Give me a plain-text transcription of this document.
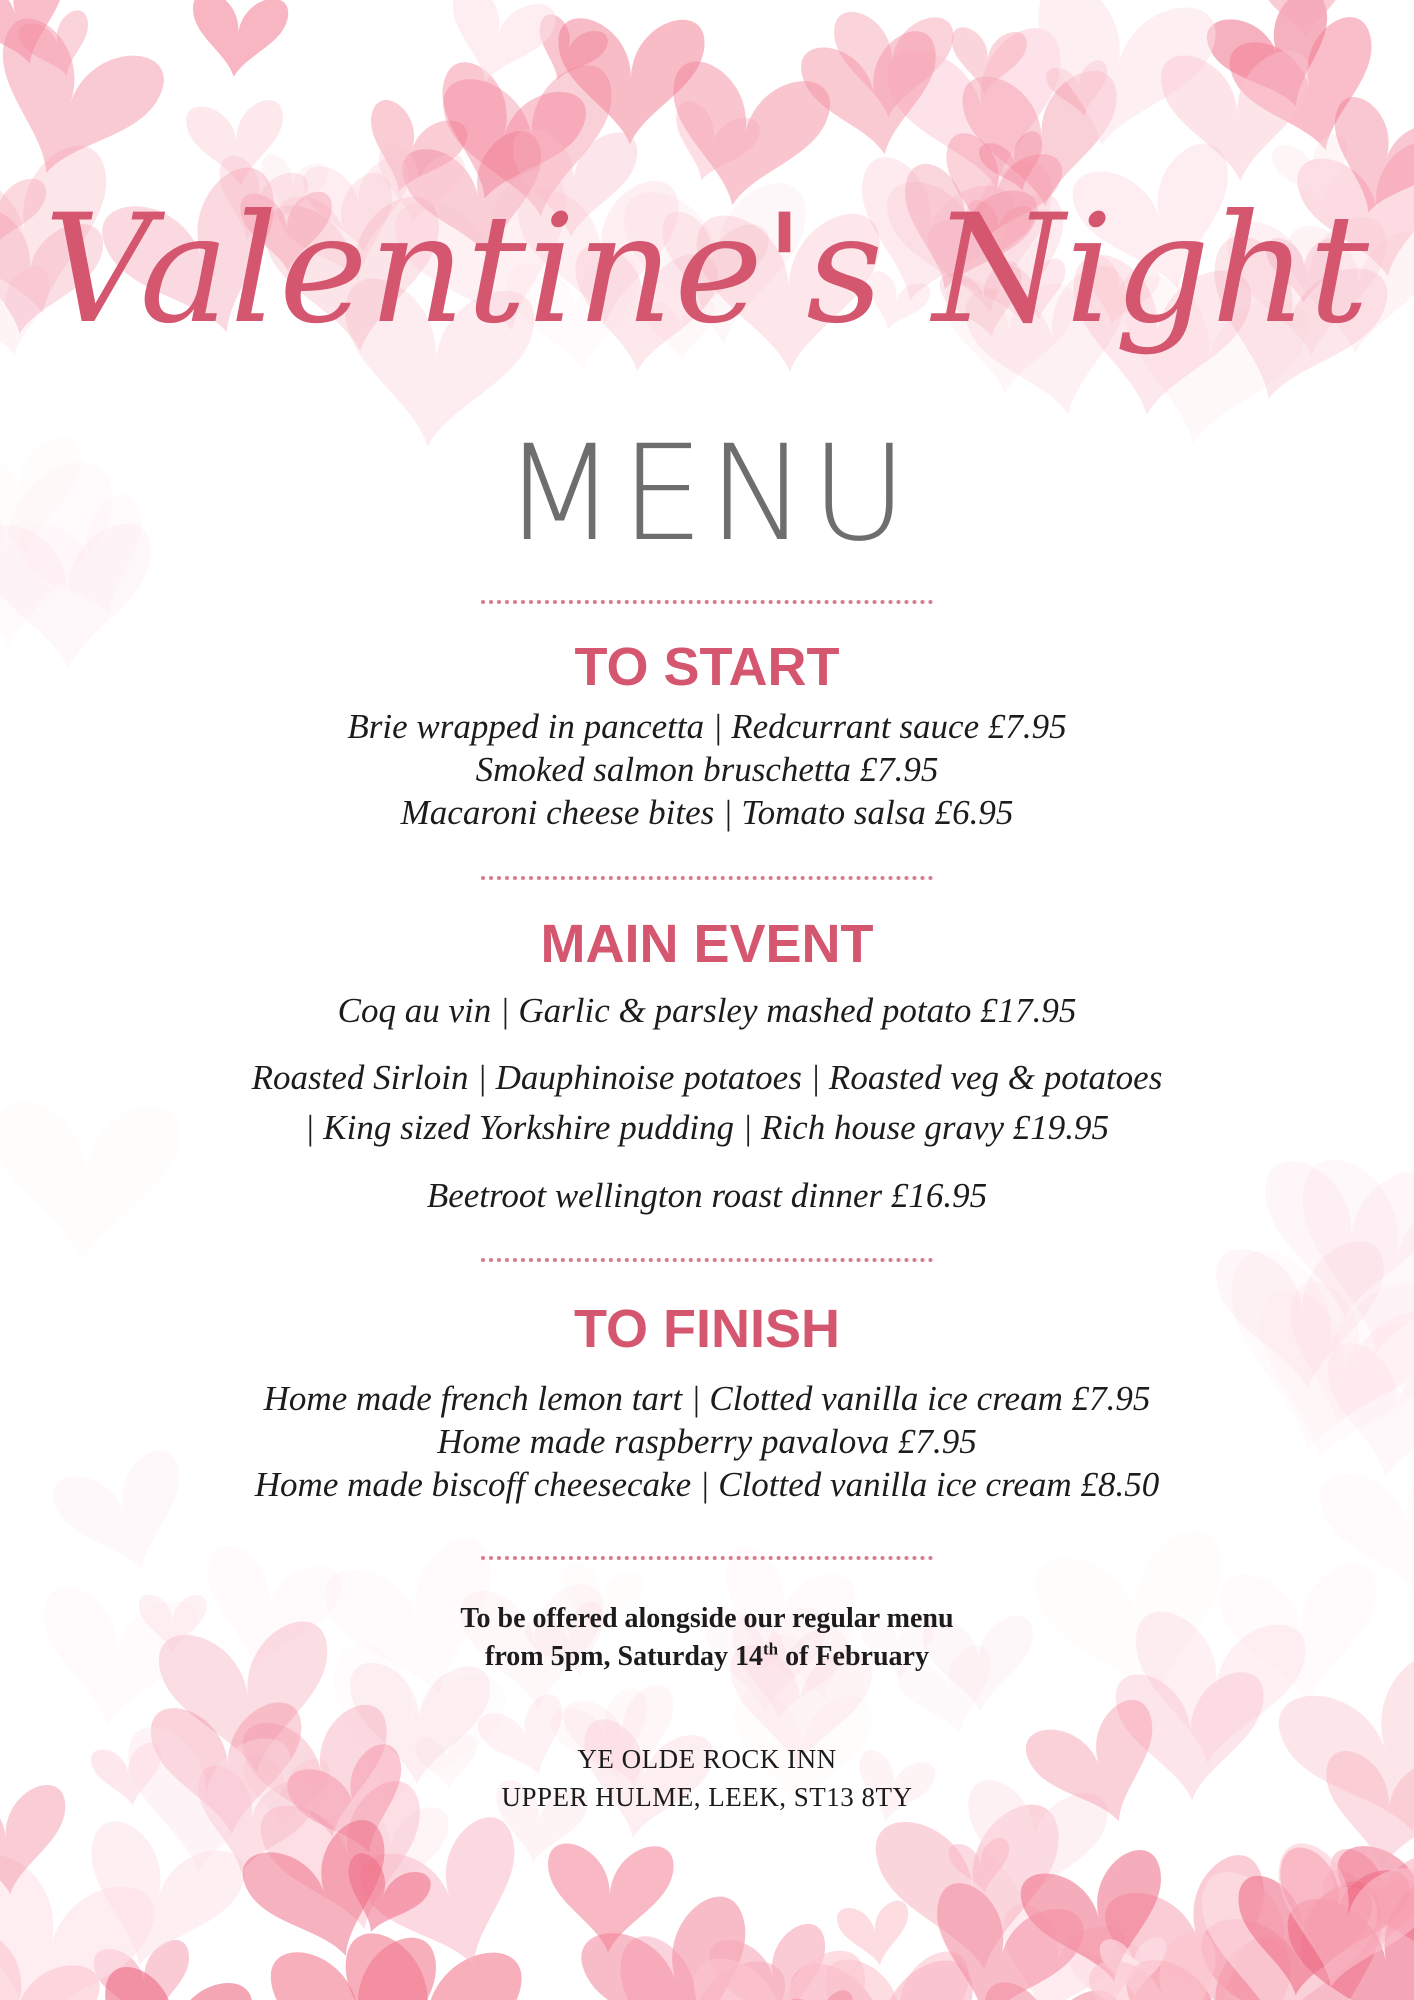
Valentine's Night
MENU
TO START
Brie wrapped in pancetta | Redcurrant sauce £7.95
Smoked salmon bruschetta £7.95
Macaroni cheese bites | Tomato salsa £6.95
MAIN EVENT
Coq au vin | Garlic & parsley mashed potato £17.95
Roasted Sirloin | Dauphinoise potatoes | Roasted veg & potatoes
| King sized Yorkshire pudding | Rich house gravy £19.95
Beetroot wellington roast dinner £16.95
TO FINISH
Home made french lemon tart | Clotted vanilla ice cream £7.95
Home made raspberry pavalova £7.95
Home made biscoff cheesecake | Clotted vanilla ice cream £8.50
To be offered alongside our regular menu
from 5pm, Saturday 14th of February
YE OLDE ROCK INN
UPPER HULME, LEEK, ST13 8TY
